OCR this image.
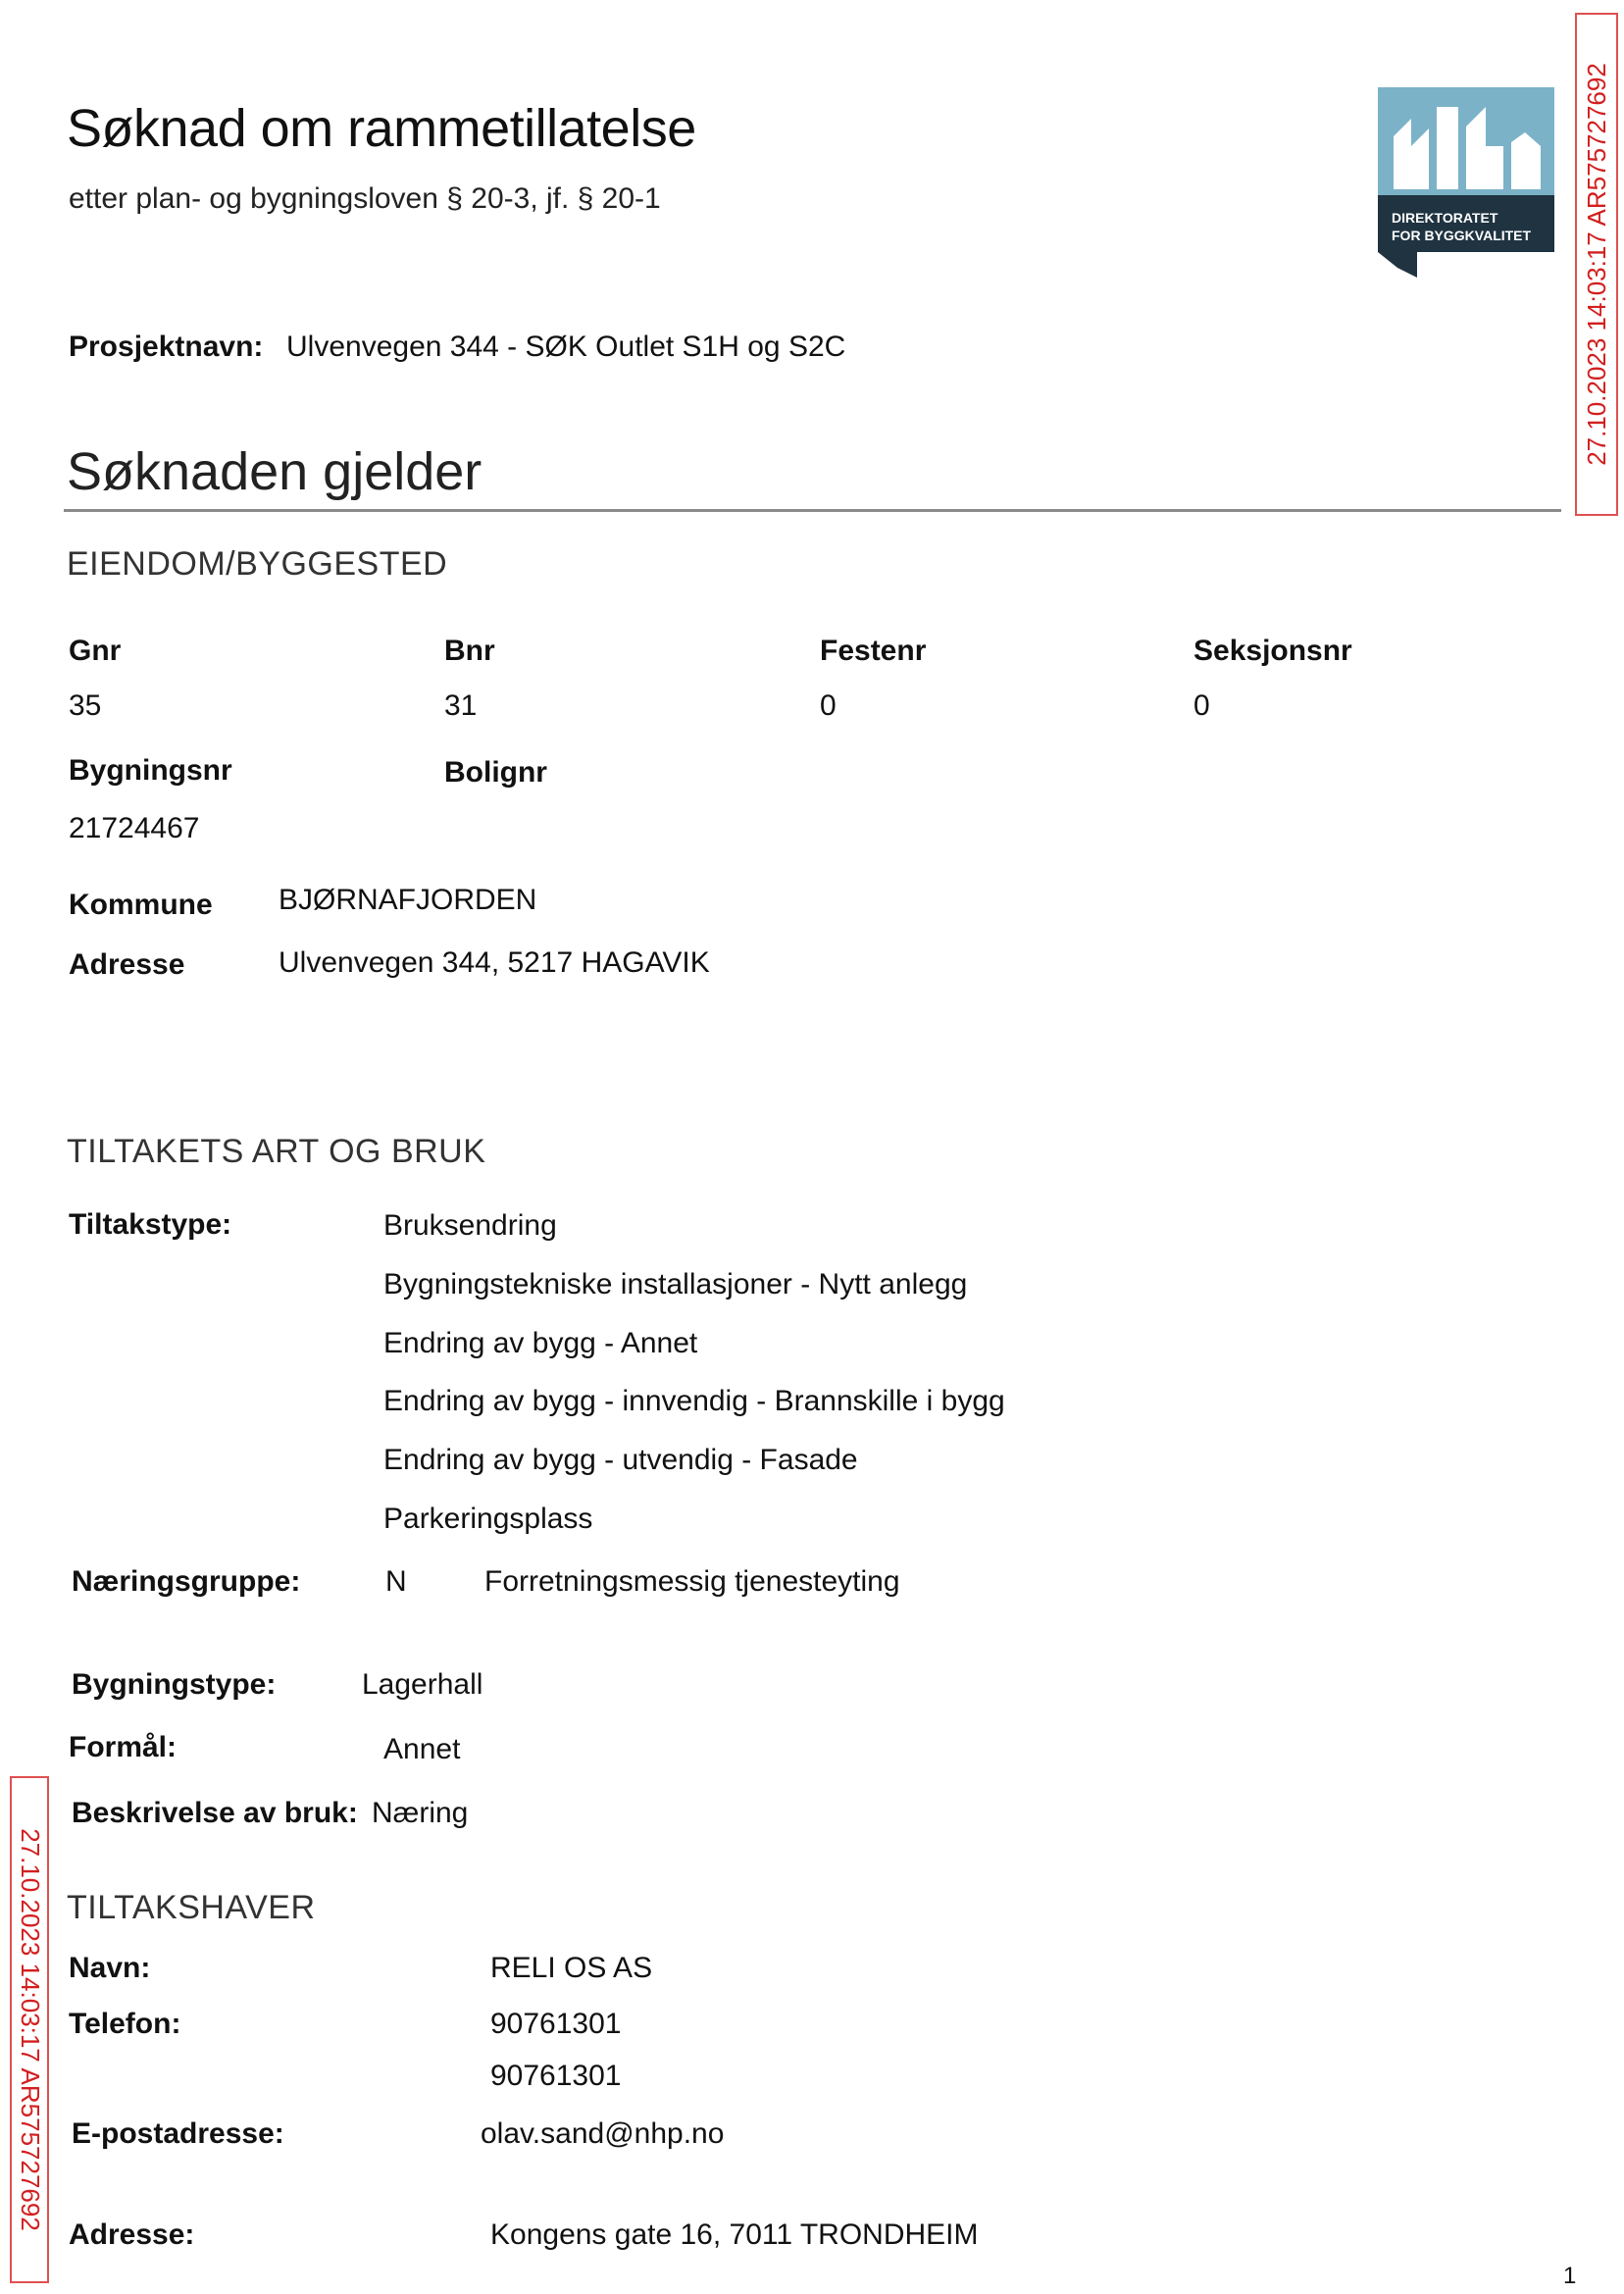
Søknad om rammetillatelse
etter plan- og bygningsloven § 20-3, jf. § 20-1
DIREKTORATET
FOR BYGGKVALITET
Prosjektnavn: Ulvenvegen 344 - SØK Outlet S1H og S2C
Søknaden gjelder
EIENDOM/BYGGESTED
Gnr	Bnr	Festenr	Seksjonsnr
35	31	0	0
Bygningsnr	Bolignr
21724467
Kommune BJØRNAFJORDEN
Adresse	Ulvenvegen 344, 5217 HAGAVIK
TILTAKETS ART OG BRUK
Tiltakstype:	Bruksendring
Bygningstekniske installasjoner - Nytt anlegg
Endring av bygg - Annet
Endring av bygg - innvendig - Brannskille i bygg
Endring av bygg - utvendig - Fasade
Parkeringsplass
Næringsgruppe:	N	Forretningsmessig tjenesteyting
Bygningstype:	Lagerhall
Formål:	Annet
Beskrivelse av bruk: Næring
TILTAKSHAVER
Navn:	RELI OS AS
Telefon:	90761301
90761301
E-postadresse:	olav.sand@nhp.no
Adresse:	Kongens gate 16, 7011 TRONDHEIM
27.10.2023 14:03:17 AR575727692
27.10.2023 14:03:17 AR575727692
1
